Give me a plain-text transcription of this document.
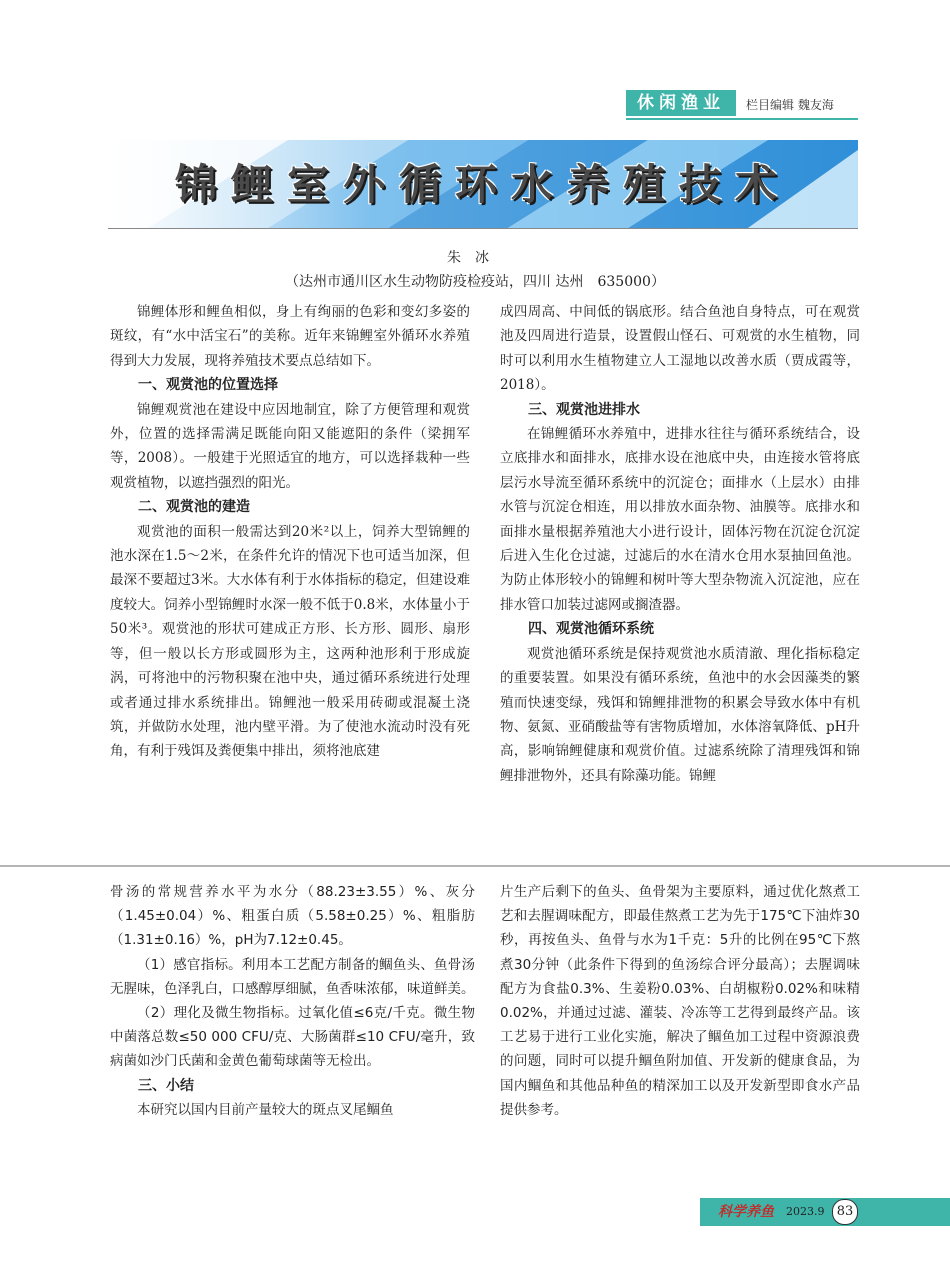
休闲渔业	栏目编辑 魏友海
锦鲤室外循环水养殖技术
朱冰
（达州市通川区水生动物防疫检疫站，四川 达州　635000）

锦鲤体形和鲤鱼相似，身上有绚丽的色彩和变幻多姿的斑纹，有“水中活宝石”的美称。近年来锦鲤室外循环水养殖得到大力发展，现将养殖技术要点总结如下。

一、观赏池的位置选择

锦鲤观赏池在建设中应因地制宜，除了方便管理和观赏外，位置的选择需满足既能向阳又能遮阳的条件（梁拥军等，2008）。一般建于光照适宜的地方，可以选择栽种一些观赏植物，以遮挡强烈的阳光。

二、观赏池的建造

观赏池的面积一般需达到20米²以上，饲养大型锦鲤的池水深在1.5～2米，在条件允许的情况下也可适当加深，但最深不要超过3米。大水体有利于水体指标的稳定，但建设难度较大。饲养小型锦鲤时水深一般不低于0.8米，水体量小于50米³。观赏池的形状可建成正方形、长方形、圆形、扇形等，但一般以长方形或圆形为主，这两种池形利于形成旋涡，可将池中的污物积聚在池中央，通过循环系统进行处理或者通过排水系统排出。锦鲤池一般采用砖砌或混凝土浇筑，并做防水处理，池内壁平滑。为了使池水流动时没有死角，有利于残饵及粪便集中排出，须将池底建

成四周高、中间低的锅底形。结合鱼池自身特点，可在观赏池及四周进行造景，设置假山怪石、可观赏的水生植物，同时可以利用水生植物建立人工湿地以改善水质（贾成霞等，2018）。

三、观赏池进排水

在锦鲤循环水养殖中，进排水往往与循环系统结合，设立底排水和面排水，底排水设在池底中央，由连接水管将底层污水导流至循环系统中的沉淀仓；面排水（上层水）由排水管与沉淀仓相连，用以排放水面杂物、油膜等。底排水和面排水量根据养殖池大小进行设计，固体污物在沉淀仓沉淀后进入生化仓过滤，过滤后的水在清水仓用水泵抽回鱼池。为防止体形较小的锦鲤和树叶等大型杂物流入沉淀池，应在排水管口加装过滤网或搁渣器。

四、观赏池循环系统

观赏池循环系统是保持观赏池水质清澈、理化指标稳定的重要装置。如果没有循环系统，鱼池中的水会因藻类的繁殖而快速变绿，残饵和锦鲤排泄物的积累会导致水体中有机物、氨氮、亚硝酸盐等有害物质增加，水体溶氧降低、pH升高，影响锦鲤健康和观赏价值。过滤系统除了清理残饵和锦鲤排泄物外，还具有除藻功能。锦鲤

骨汤的常规营养水平为水分（88.23±3.55）%、灰分（1.45±0.04）%、粗蛋白质（5.58±0.25）%、粗脂肪（1.31±0.16）%，pH为7.12±0.45。

（1）感官指标。利用本工艺配方制备的鲴鱼头、鱼骨汤无腥味，色泽乳白，口感醇厚细腻，鱼香味浓郁，味道鲜美。

（2）理化及微生物指标。过氧化值≤6克/千克。微生物中菌落总数≤50 000 CFU/克、大肠菌群≤10 CFU/毫升，致病菌如沙门氏菌和金黄色葡萄球菌等无检出。

三、小结

本研究以国内目前产量较大的斑点叉尾鲴鱼

片生产后剩下的鱼头、鱼骨架为主要原料，通过优化熬煮工艺和去腥调味配方，即最佳熬煮工艺为先于175℃下油炸30秒，再按鱼头、鱼骨与水为1千克：5升的比例在95℃下熬煮30分钟（此条件下得到的鱼汤综合评分最高）；去腥调味配方为食盐0.3%、生姜粉0.03%、白胡椒粉0.02%和味精0.02%，并通过过滤、灌装、冷冻等工艺得到最终产品。该工艺易于进行工业化实施，解决了鲴鱼加工过程中资源浪费的问题，同时可以提升鲴鱼附加值、开发新的健康食品，为国内鲴鱼和其他品种鱼的精深加工以及开发新型即食水产品提供参考。

科学养鱼 2023.9 83
